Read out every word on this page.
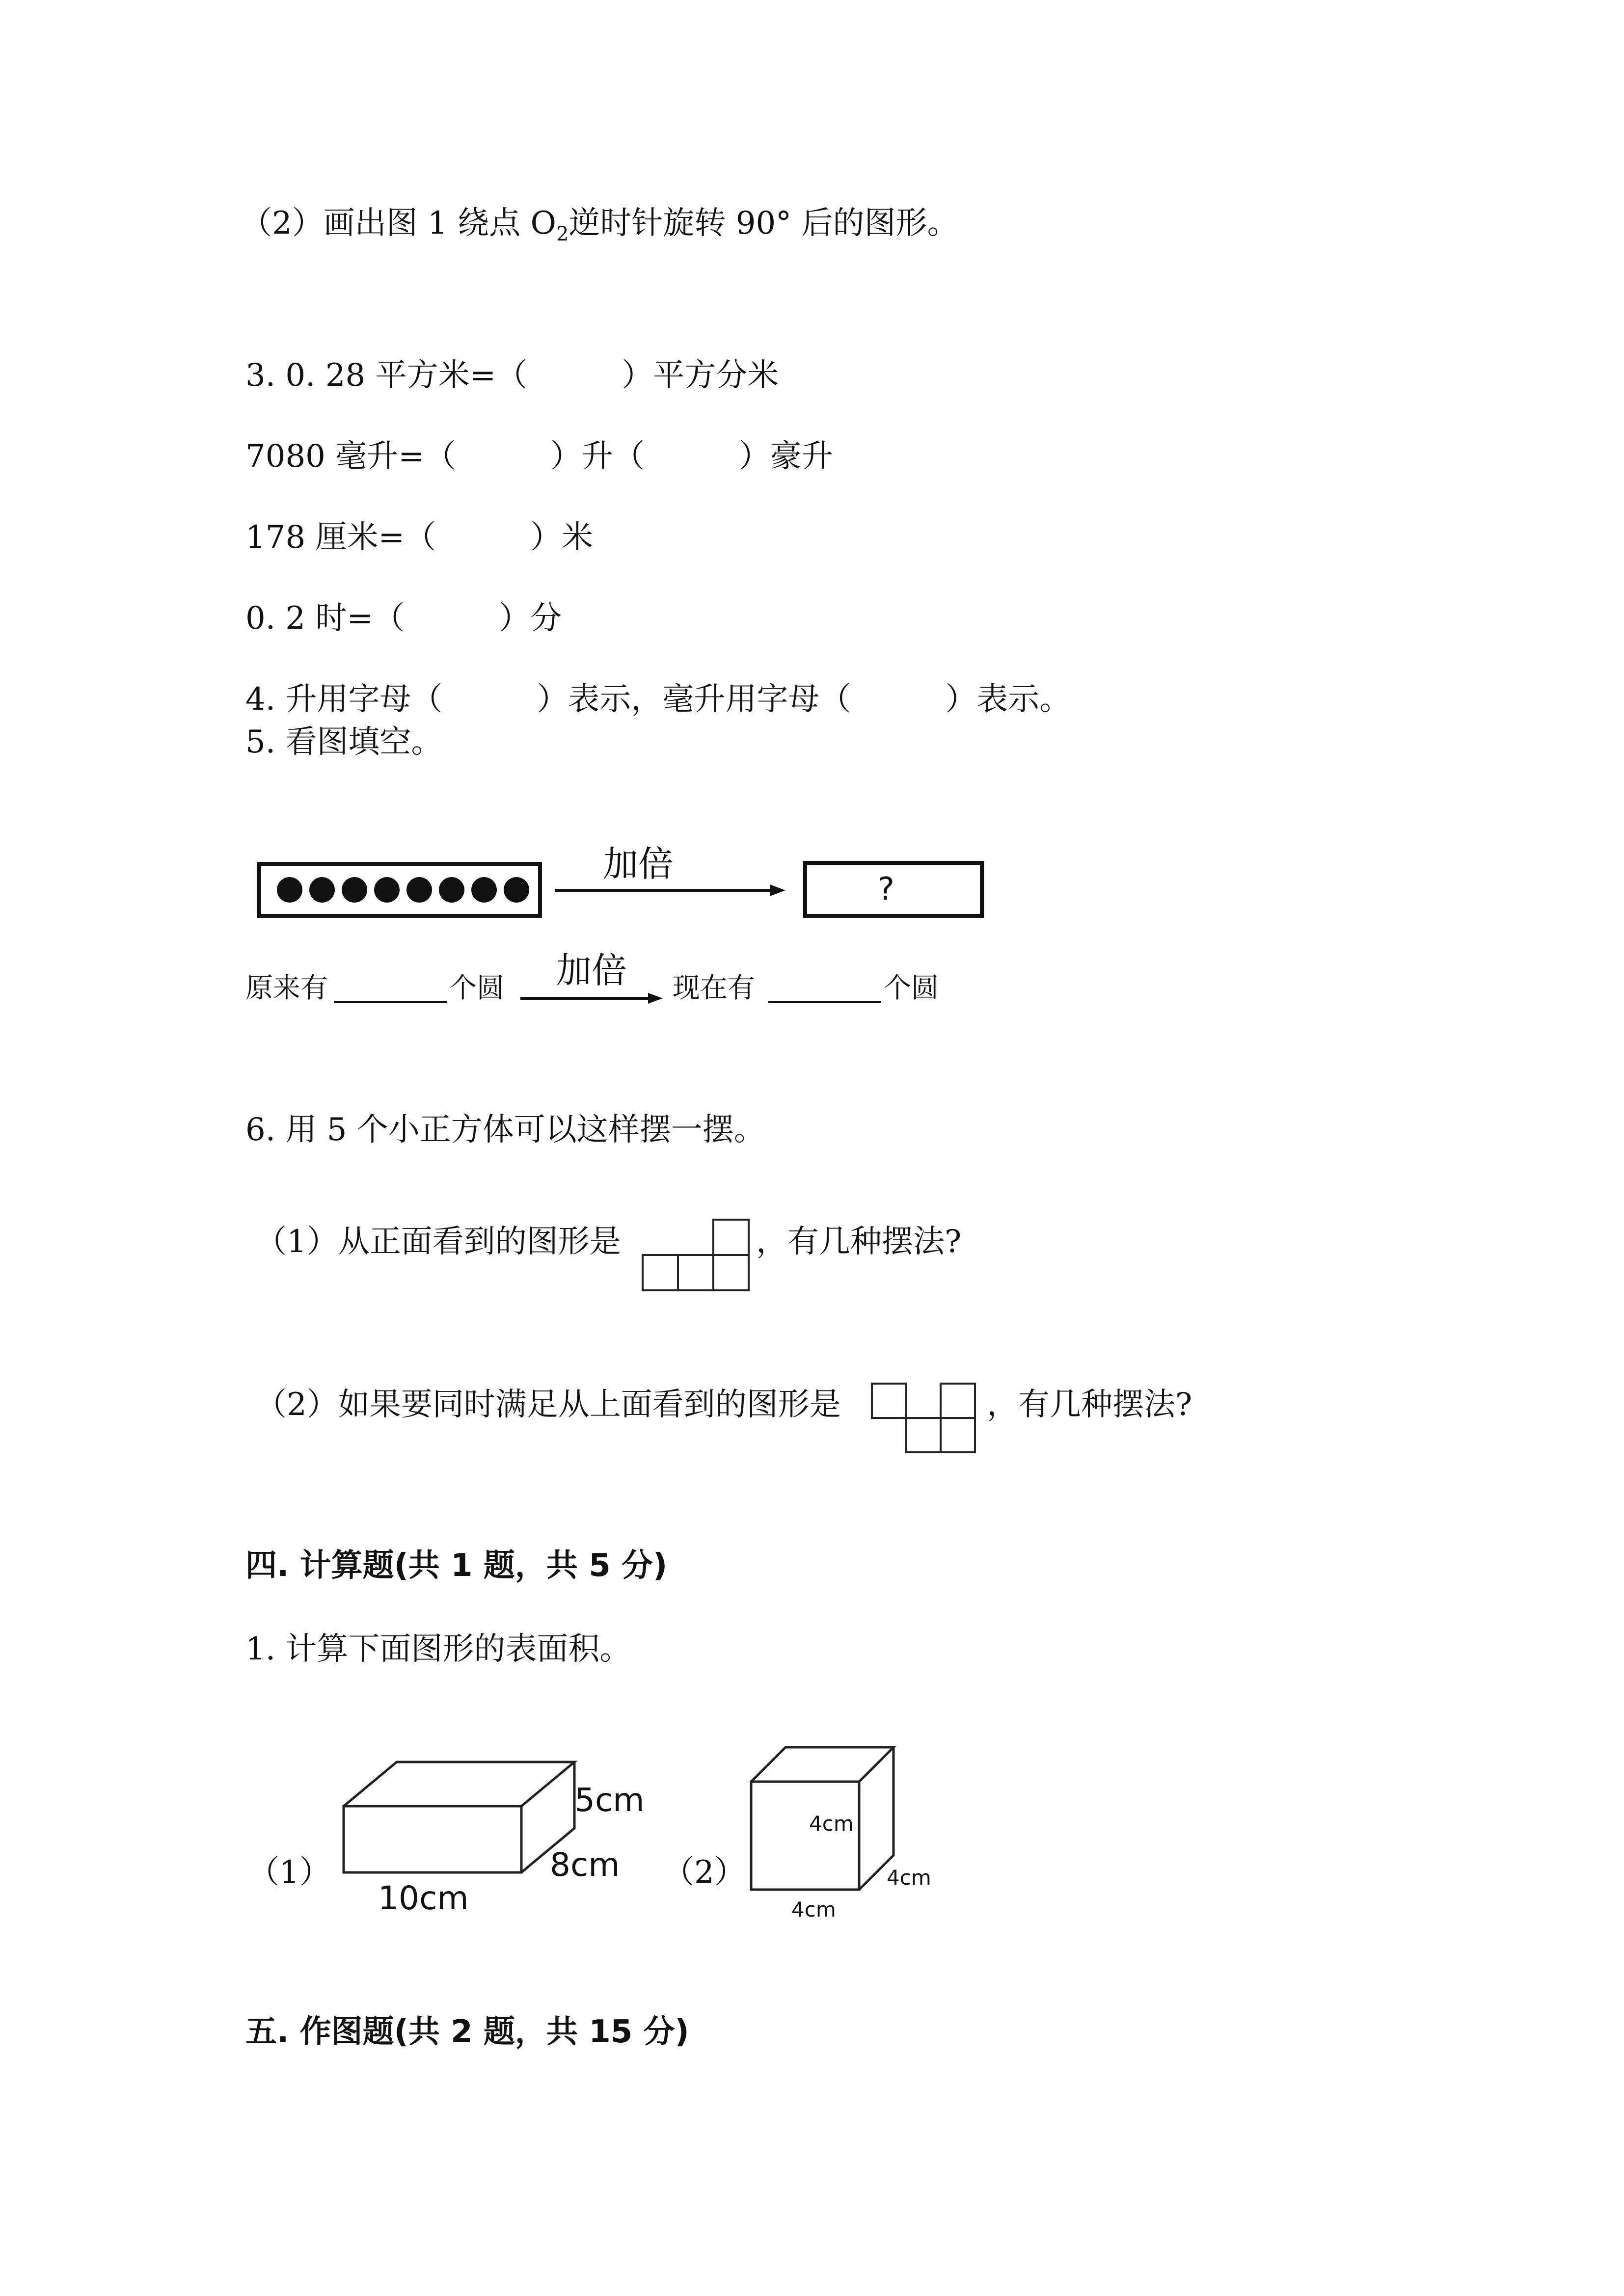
（2）画出图 1 绕点 $O_2$逆时针旋转 90° 后的图形。
3. 0. 28 平方米=（　　　）平方分米
7080 毫升=（　　　）升（　　　）豪升
178 厘米=（　　　）米
0. 2 时=（　　　）分
4. 升用字母（　　　）表示，毫升用字母（　　　）表示。
5. 看图填空。
加倍
?
原来有	个圆 加倍 现在有	个圆
6. 用 5 个小正方体可以这样摆一摆。
（1）从正面看到的图形是	，有几种摆法?
（2）如果要同时满足从上面看到的图形是	，有几种摆法?
四. 计算题(共 1 题，共 5 分)
1. 计算下面图形的表面积。
（1）
5cm
8cm
10cm
（2）
4cm
4cm
4cm
五. 作图题(共 2 题，共 15 分)
